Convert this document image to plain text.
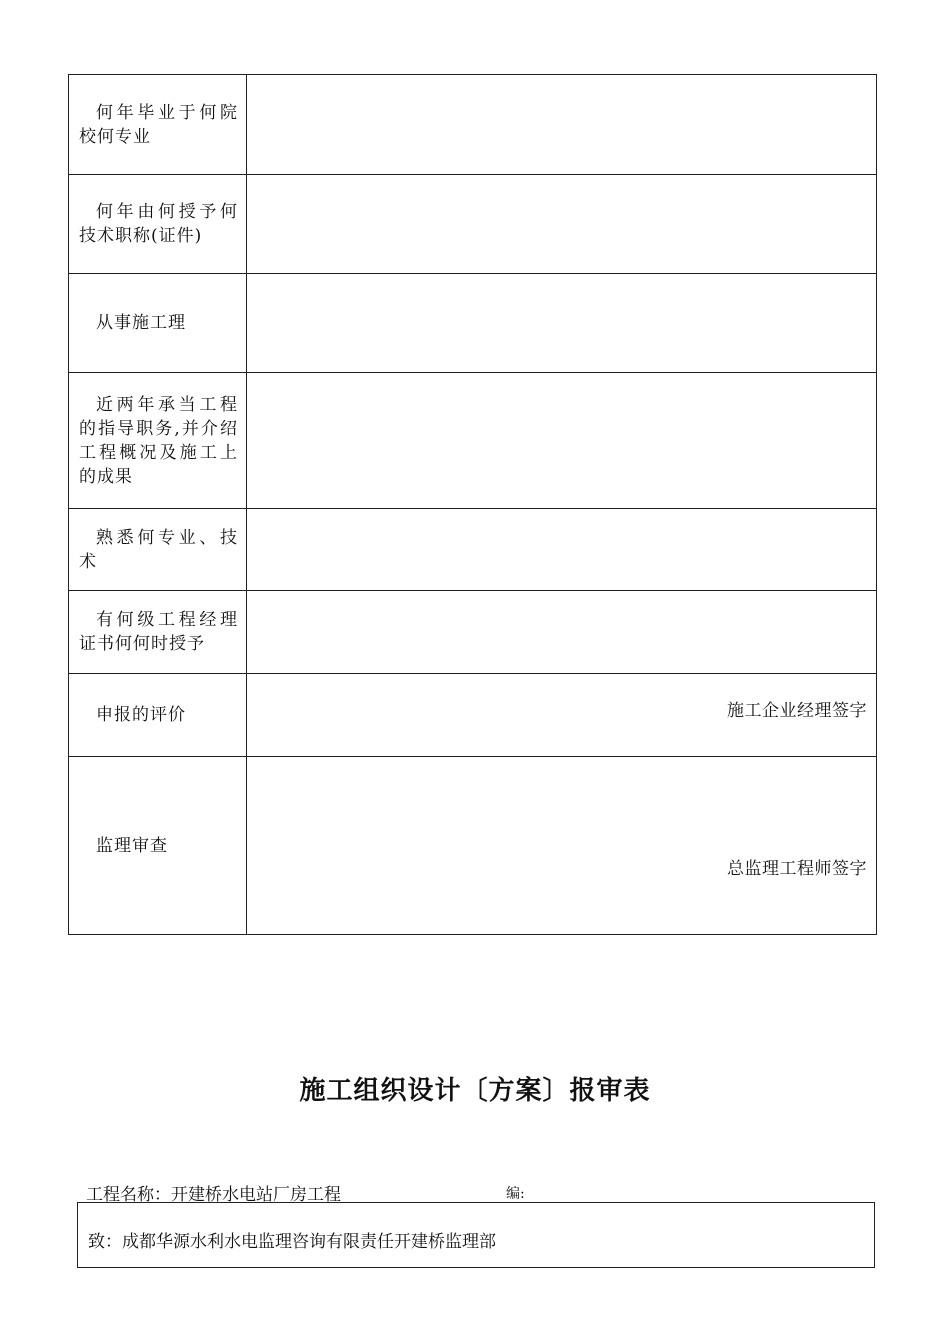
何年毕业于何院校何专业	

何年由何授予何技术职称(证件)	

从事施工理	

近两年承当工程的指导职务,并介绍工程概况及施工上的成果	

熟悉何专业、技术	

有何级工程经理证书何何时授予	

申报的评价	施工企业经理签字

监理审查	总监理工程师签字
施工组织设计〔方案〕报审表
工程名称：开建桥水电站厂房工程	编:
致：成都华源水利水电监理咨询有限责任开建桥监理部
